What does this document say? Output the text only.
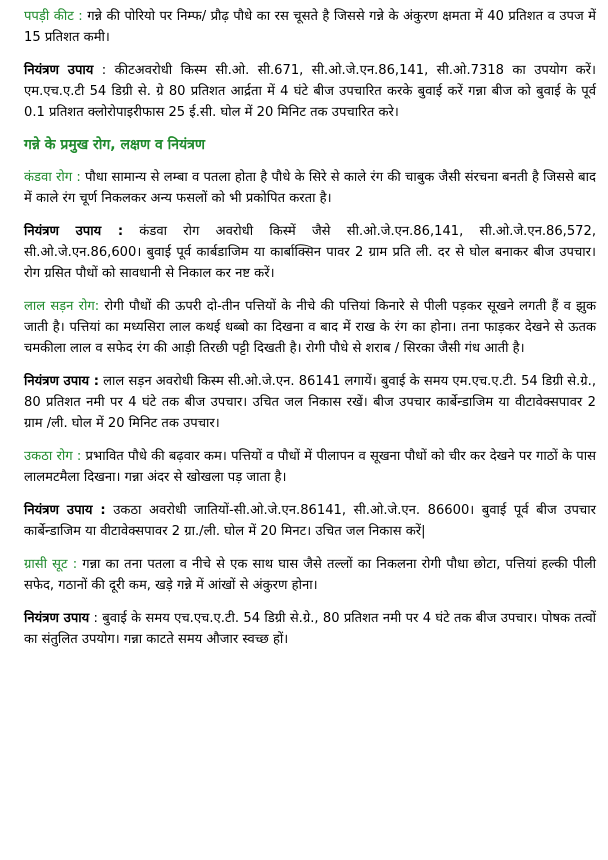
पपड़ी कीट : गन्ने की पोरियो पर निम्फ/ प्रौढ़ पौधे का रस चूसते है जिससे गन्ने के अंकुरण क्षमता में 40 प्रतिशत व उपज में 15 प्रतिशत कमी।

नियंत्रण उपाय : कीटअवरोधी किस्म सी.ओ. सी.671, सी.ओ.जे.एन.86,141, सी.ओ.7318 का उपयोग करें। एम.एच.ए.टी 54 डिग्री से. ग्रे 80 प्रतिशत आर्द्रता में 4 घंटे बीज उपचारित करके बुवाई करें गन्ना बीज को बुवाई के पूर्व 0.1 प्रतिशत क्लोरोपाइरीफास 25 ई.सी. घोल में 20 मिनिट तक उपचारित करे।

गन्ने के प्रमुख रोग, लक्षण व नियंत्रण

कंडवा रोग : पौधा सामान्य से लम्बा व पतला होता है पौधे के सिरे से काले रंग की चाबुक जैसी संरचना बनती है जिससे बाद में काले रंग चूर्ण निकलकर अन्य फसलों को भी प्रकोपित करता है।

नियंत्रण उपाय : कंडवा रोग अवरोधी किस्में जैसे सी.ओ.जे.एन.86,141, सी.ओ.जे.एन.86,572, सी.ओ.जे.एन.86,600। बुवाई पूर्व कार्बडाजिम या कार्बाक्सिन पावर 2 ग्राम प्रति ली. दर से घोल बनाकर बीज उपचार। रोग ग्रसित पौधों को सावधानी से निकाल कर नष्ट करें।

लाल सड़न रोग: रोगी पौधों की ऊपरी दो-तीन पत्तियों के नीचे की पत्तियां किनारे से पीली पड़कर सूखने लगती हैं व झुक जाती है। पत्तियां का मध्यसिरा लाल कथई धब्बो का दिखना व बाद में राख के रंग का होना। तना फाड़कर देखने से ऊतक चमकीला लाल व सफेद रंग की आड़ी तिरछी पट्टी दिखती है। रोगी पौधे से शराब / सिरका जैसी गंध आती है।

नियंत्रण उपाय : लाल सड़न अवरोधी किस्म सी.ओ.जे.एन. 86141 लगायें। बुवाई के समय एम.एच.ए.टी. 54 डिग्री से.ग्रे., 80 प्रतिशत नमी पर 4 घंटे तक बीज उपचार। उचित जल निकास रखें। बीज उपचार कार्बेन्डाजिम या वीटावेक्सपावर 2 ग्राम /ली. घोल में 20 मिनिट तक उपचार।

उकठा रोग : प्रभावित पौधे की बढ़वार कम। पत्तियों व पौधों में पीलापन व सूखना पौधों को चीर कर देखने पर गाठों के पास लालमटमैला दिखना। गन्ना अंदर से खोखला पड़ जाता है।

नियंत्रण उपाय : उकठा अवरोधी जातियों-सी.ओ.जे.एन.86141, सी.ओ.जे.एन. 86600। बुवाई पूर्व बीज उपचार कार्बेन्डाजिम या वीटावेक्सपावर 2 ग्रा./ली. घोल में 20 मिनट। उचित जल निकास करें|

ग्रासी सूट : गन्ना का तना पतला व नीचे से एक साथ घास जैसे तल्लों का निकलना रोगी पौधा छोटा, पत्तियां हल्की पीली सफेद, गठानों की दूरी कम, खड़े गन्ने में आंखों से अंकुरण होना।

नियंत्रण उपाय : बुवाई के समय एच.एच.ए.टी. 54 डिग्री से.ग्रे., 80 प्रतिशत नमी पर 4 घंटे तक बीज उपचार। पोषक तत्वों का संतुलित उपयोग। गन्ना काटते समय औजार स्वच्छ हों।
